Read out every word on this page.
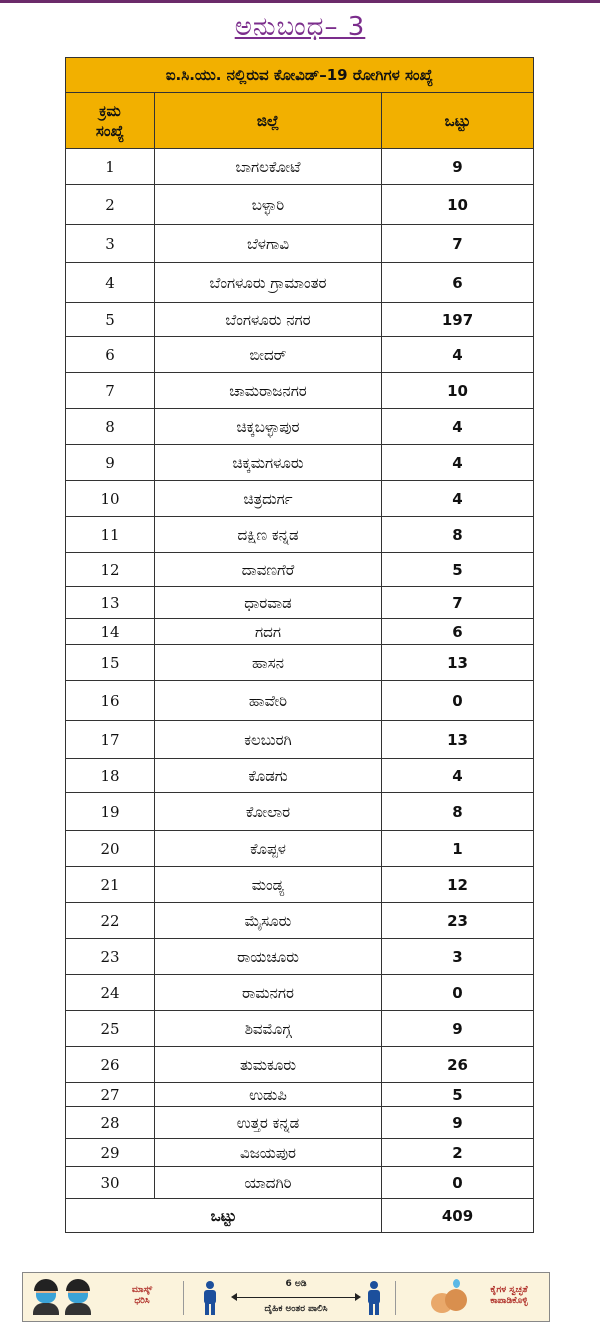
ಅನುಬಂಧ– 3
ಐ.ಸಿ.ಯು. ನಲ್ಲಿರುವ ಕೋವಿಡ್–19 ರೋಗಿಗಳ ಸಂಖ್ಯೆ		

ಕ್ರಮ
ಸಂಖ್ಯೆ	ಜಿಲ್ಲೆ	ಒಟ್ಟು
1	ಬಾಗಲಕೋಟೆ	9
2	ಬಳ್ಳಾರಿ	10
3	ಬೆಳಗಾವಿ	7
4	ಬೆಂಗಳೂರು ಗ್ರಾಮಾಂತರ	6
5	ಬೆಂಗಳೂರು ನಗರ	197
6	ಬೀದರ್	4
7	ಚಾಮರಾಜನಗರ	10
8	ಚಿಕ್ಕಬಳ್ಳಾಪುರ	4
9	ಚಿಕ್ಕಮಗಳೂರು	4
10	ಚಿತ್ರದುರ್ಗ	4
11	ದಕ್ಷಿಣ ಕನ್ನಡ	8
12	ದಾವಣಗೆರೆ	5
13	ಧಾರವಾಡ	7
14	ಗದಗ	6
15	ಹಾಸನ	13
16	ಹಾವೇರಿ	0
17	ಕಲಬುರಗಿ	13
18	ಕೊಡಗು	4
19	ಕೋಲಾರ	8
20	ಕೊಪ್ಪಳ	1
21	ಮಂಡ್ಯ	12
22	ಮೈಸೂರು	23
23	ರಾಯಚೂರು	3
24	ರಾಮನಗರ	0
25	ಶಿವಮೊಗ್ಗ	9
26	ತುಮಕೂರು	26
27	ಉಡುಪಿ	5
28	ಉತ್ತರ ಕನ್ನಡ	9
29	ವಿಜಯಪುರ	2
30	ಯಾದಗಿರಿ	0
ಒಟ್ಟು		409
ಮಾಸ್ಕ್
ಧರಿಸಿ
6 ಅಡಿ
ದೈಹಿಕ ಅಂತರ ಪಾಲಿಸಿ
ಕೈಗಳ ಸ್ವಚ್ಛತೆ
ಕಾಪಾಡಿಕೊಳ್ಳಿ
